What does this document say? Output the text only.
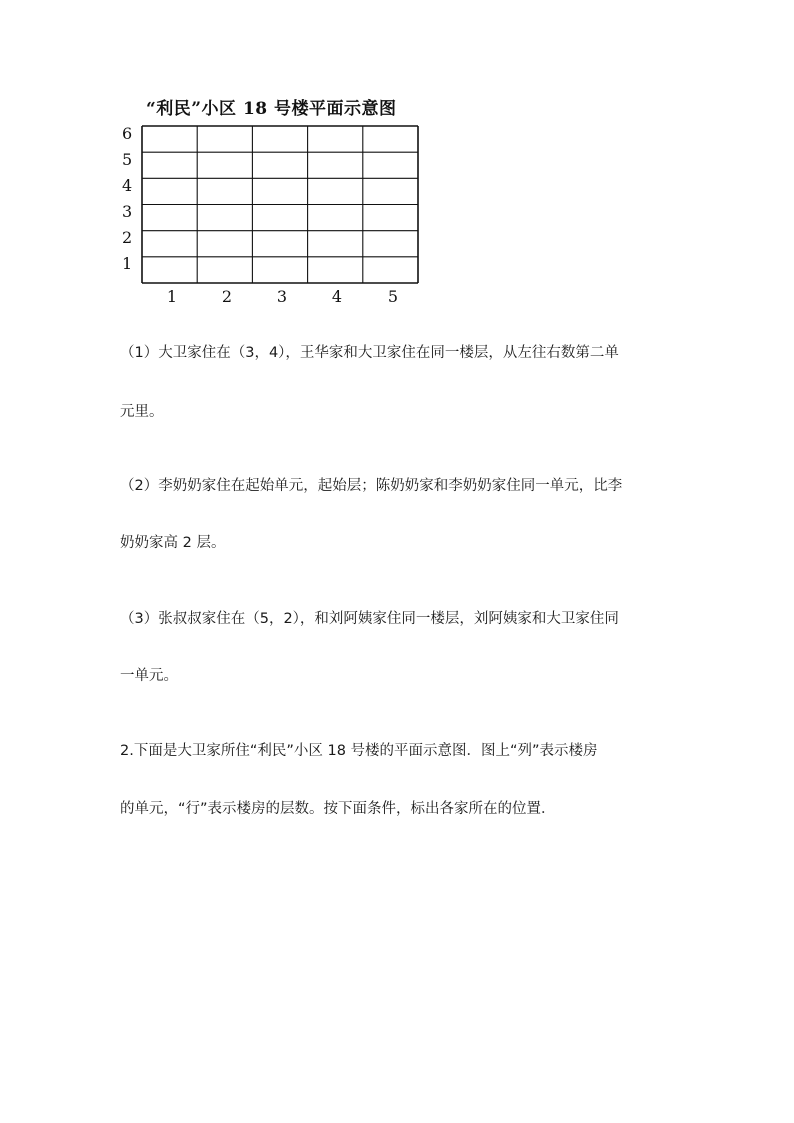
“利民”小区 18 号楼平面示意图
6
5
4
3
2
1
1	2	3	4	5
（1）大卫家住在（3，4），王华家和大卫家住在同一楼层，从左往右数第二单
元里。
（2）李奶奶家住在起始单元，起始层；陈奶奶家和李奶奶家住同一单元，比李
奶奶家高 2 层。
（3）张叔叔家住在（5，2），和刘阿姨家住同一楼层，刘阿姨家和大卫家住同
一单元。
2.下面是大卫家所住“利民”小区 18 号楼的平面示意图．图上“列”表示楼房
的单元，“行”表示楼房的层数。按下面条件，标出各家所在的位置．
